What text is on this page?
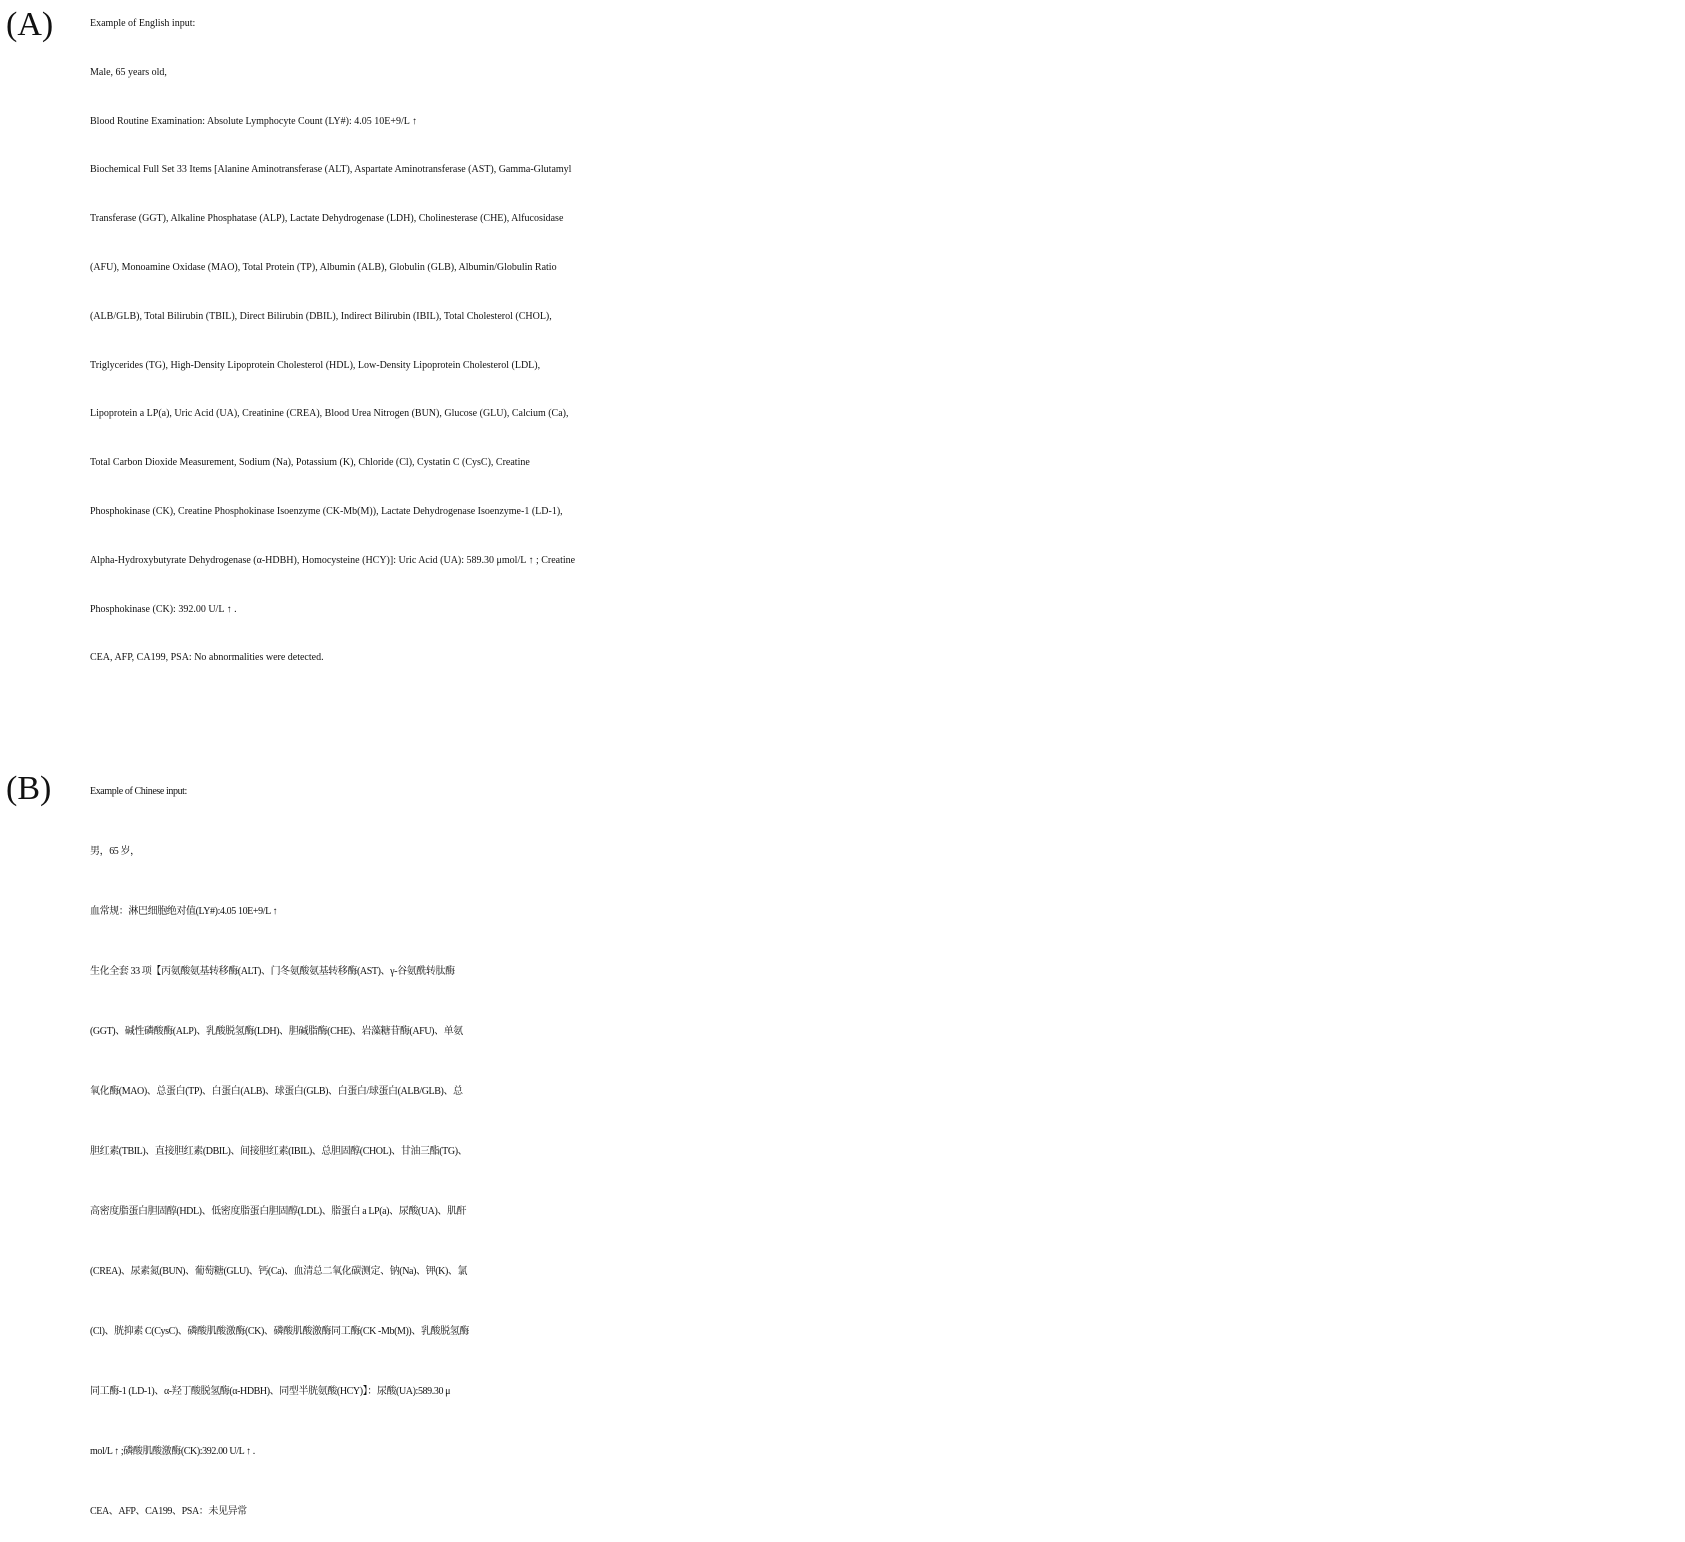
(A)	Example of English input:
Male, 65 years old,
Blood Routine Examination: Absolute Lymphocyte Count (LY#): 4.05 10E+9/L ↑
Biochemical Full Set 33 Items [Alanine Aminotransferase (ALT), Aspartate Aminotransferase (AST), Gamma-Glutamyl
Transferase (GGT), Alkaline Phosphatase (ALP), Lactate Dehydrogenase (LDH), Cholinesterase (CHE), Alfucosidase
(AFU), Monoamine Oxidase (MAO), Total Protein (TP), Albumin (ALB), Globulin (GLB), Albumin/Globulin Ratio
(ALB/GLB), Total Bilirubin (TBIL), Direct Bilirubin (DBIL), Indirect Bilirubin (IBIL), Total Cholesterol (CHOL),
Triglycerides (TG), High-Density Lipoprotein Cholesterol (HDL), Low-Density Lipoprotein Cholesterol (LDL),
Lipoprotein a LP(a), Uric Acid (UA), Creatinine (CREA), Blood Urea Nitrogen (BUN), Glucose (GLU), Calcium (Ca),
Total Carbon Dioxide Measurement, Sodium (Na), Potassium (K), Chloride (Cl), Cystatin C (CysC), Creatine
Phosphokinase (CK), Creatine Phosphokinase Isoenzyme (CK-Mb(M)), Lactate Dehydrogenase Isoenzyme-1 (LD-1),
Alpha-Hydroxybutyrate Dehydrogenase (α-HDBH), Homocysteine (HCY)]: Uric Acid (UA): 589.30 μmol/L ↑ ; Creatine
Phosphokinase (CK): 392.00 U/L ↑ .
CEA, AFP, CA199, PSA: No abnormalities were detected.
(B)	Example of Chinese input:
男，65 岁，
血常规：淋巴细胞绝对值(LY#):4.05 10E+9/L ↑
生化全套 33 项【丙氨酸氨基转移酶(ALT)、门冬氨酸氨基转移酶(AST)、γ-谷氨酰转肽酶
(GGT)、碱性磷酸酶(ALP)、乳酸脱氢酶(LDH)、胆碱脂酶(CHE)、岩藻糖苷酶(AFU)、单氨
氧化酶(MAO)、总蛋白(TP)、白蛋白(ALB)、球蛋白(GLB)、白蛋白/球蛋白(ALB/GLB)、总
胆红素(TBIL)、直接胆红素(DBIL)、间接胆红素(IBIL)、总胆固醇(CHOL)、甘油三酯(TG)、
高密度脂蛋白胆固醇(HDL)、低密度脂蛋白胆固醇(LDL)、脂蛋白 a LP(a)、尿酸(UA)、肌酐
(CREA)、尿素氮(BUN)、葡萄糖(GLU)、钙(Ca)、血清总二氧化碳测定、钠(Na)、钾(K)、氯
(Cl)、胱抑素 C(CysC)、磷酸肌酸激酶(CK)、磷酸肌酸激酶同工酶(CK -Mb(M))、乳酸脱氢酶
同工酶-1 (LD-1)、α-羟丁酸脱氢酶(α-HDBH)、同型半胱氨酸(HCY)】：尿酸(UA):589.30 μ
mol/L ↑ ;磷酸肌酸激酶(CK):392.00 U/L ↑ .
CEA、AFP、CA199、PSA：未见异常
